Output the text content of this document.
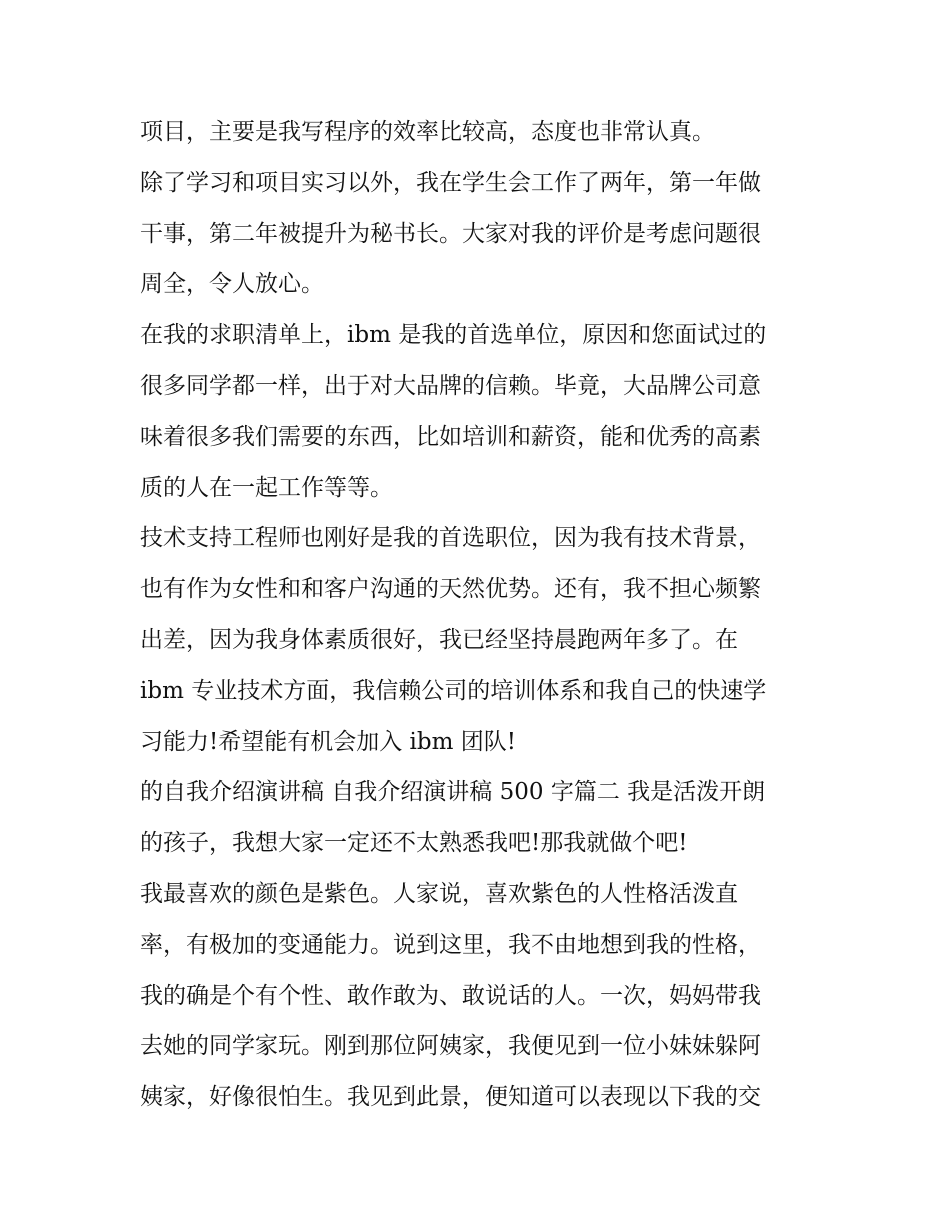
项目，主要是我写程序的效率比较高，态度也非常认真。
除了学习和项目实习以外，我在学生会工作了两年，第一年做
干事，第二年被提升为秘书长。大家对我的评价是考虑问题很
周全，令人放心。
在我的求职清单上，ibm 是我的首选单位，原因和您面试过的
很多同学都一样，出于对大品牌的信赖。毕竟，大品牌公司意
味着很多我们需要的东西，比如培训和薪资，能和优秀的高素
质的人在一起工作等等。
技术支持工程师也刚好是我的首选职位，因为我有技术背景，
也有作为女性和和客户沟通的天然优势。还有，我不担心频繁
出差，因为我身体素质很好，我已经坚持晨跑两年多了。在
ibm 专业技术方面，我信赖公司的培训体系和我自己的快速学
习能力!希望能有机会加入 ibm 团队!
的自我介绍演讲稿 自我介绍演讲稿 500 字篇二 我是活泼开朗
的孩子，我想大家一定还不太熟悉我吧!那我就做个吧!
我最喜欢的颜色是紫色。人家说，喜欢紫色的人性格活泼直
率，有极加的变通能力。说到这里，我不由地想到我的性格，
我的确是个有个性、敢作敢为、敢说话的人。一次，妈妈带我
去她的同学家玩。刚到那位阿姨家，我便见到一位小妹妹躲阿
姨家，好像很怕生。我见到此景，便知道可以表现以下我的交
